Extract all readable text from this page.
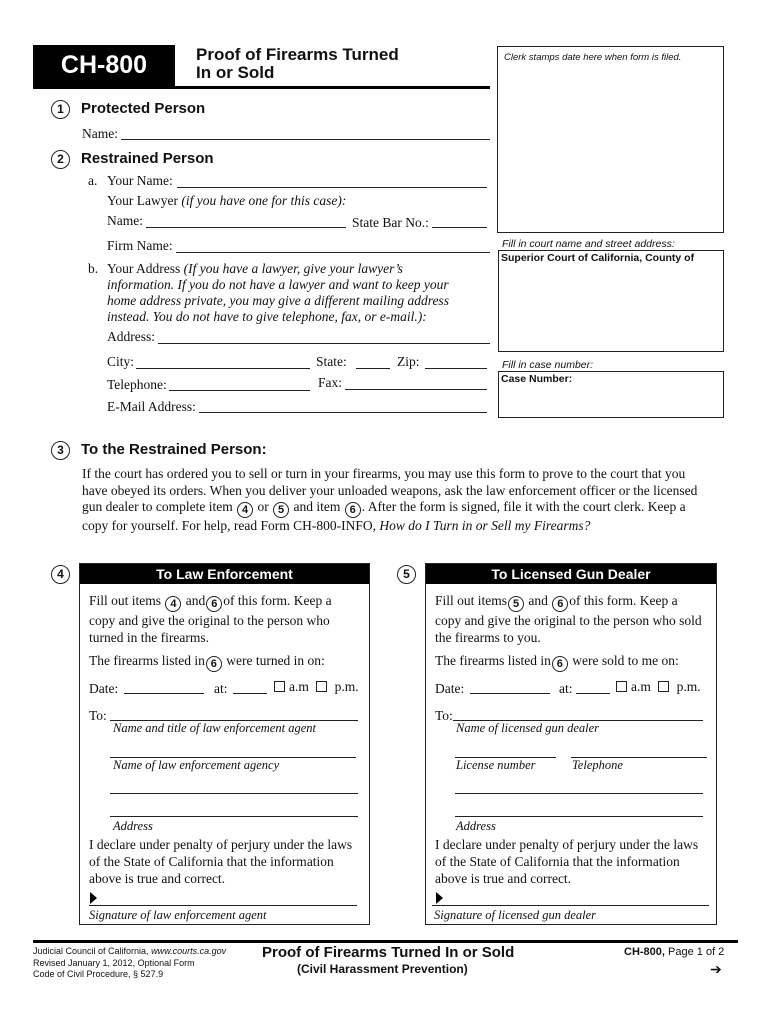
CH-800	Proof of Firearms Turned
In or Sold
Clerk stamps date here when form is filed.
Fill in court name and street address:
Superior Court of California, County of
Fill in case number:
Case Number:
1	Protected Person
Name:
2	Restrained Person
a. Your Name:
Your Lawyer (if you have one for this case):
Name:	State Bar No.:
Firm Name:
b. Your Address (If you have a lawyer, give your lawyer’s
information. If you do not have a lawyer and want to keep your
home address private, you may give a different mailing address
instead. You do not have to give telephone, fax, or e-mail.):
Address:
City:	State:	Zip:
Telephone:	Fax:
E-Mail Address:
3	To the Restrained Person:
If the court has ordered you to sell or turn in your firearms, you may use this form to prove to the court that you
have obeyed its orders. When you deliver your unloaded weapons, ask the law enforcement officer or the licensed
gun dealer to complete item 4 or 5 and item 6 . After the form is signed, file it with the court clerk. Keep a
copy for yourself. For help, read Form CH-800-INFO, How do I Turn in or Sell my Firearms?
4	To Law Enforcement
Fill out items 4 and 6 of this form. Keep a
copy and give the original to the person who
turned in the firearms.
The firearms listed in 6 were turned in on:
Date:	at:	a.m p.m.
To:
Name and title of law enforcement agent
Name of law enforcement agency
Address
I declare under penalty of perjury under the laws
of the State of California that the information
above is true and correct.
Signature of law enforcement agent
5	To Licensed Gun Dealer
Fill out items 5 and 6 of this form. Keep a
copy and give the original to the person who sold
the firearms to you.
The firearms listed in 6 were sold to me on:
Date:	at:	a.m p.m.
To:
Name of licensed gun dealer
License number	Telephone
Address
I declare under penalty of perjury under the laws
of the State of California that the information
above is true and correct.
Signature of licensed gun dealer
Judicial Council of California, www.courts.ca.gov
Revised January 1, 2012, Optional Form
Code of Civil Procedure, § 527.9
Proof of Firearms Turned In or Sold
(Civil Harassment Prevention)
CH-800, Page 1 of 2
➔
